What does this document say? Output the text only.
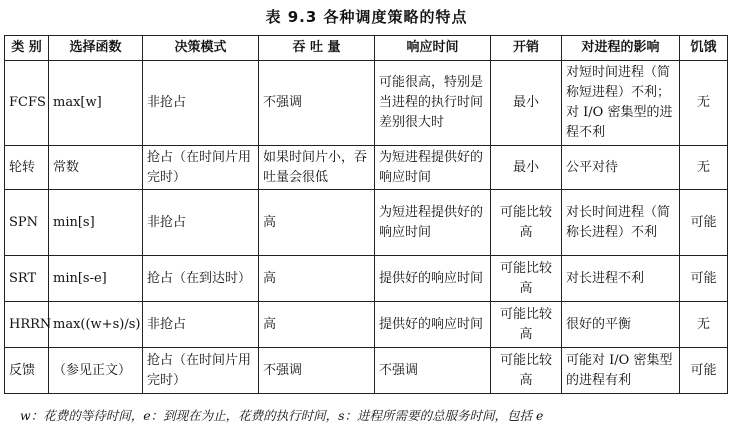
表 9.3 各种调度策略的特点
类 别	选择函数	决策模式	吞 吐 量	响应时间	开销	对进程的影响	饥饿
FCFS	max[w]	非抢占	不强调	可能很高，特别是当进程的执行时间差别很大时	最小	对短时间进程（简称短进程）不利；对 I/O 密集型的进程不利	无
轮转	常数	抢占（在时间片用完时）	如果时间片小，吞吐量会很低	为短进程提供好的响应时间	最小	公平对待	无
SPN	min[s]	非抢占	高	为短进程提供好的响应时间	可能比较高	对长时间进程（简称长进程）不利	可能
SRT	min[s-e]	抢占（在到达时）	高	提供好的响应时间	可能比较高	对长进程不利	可能
HRRN	max((w+s)/s)	非抢占	高	提供好的响应时间	可能比较高	很好的平衡	无
反馈	（参见正文）	抢占（在时间片用完时）	不强调	不强调	可能比较高	可能对 I/O 密集型的进程有利	可能
w：花费的等待时间，e：到现在为止，花费的执行时间，s：进程所需要的总服务时间，包括 e
